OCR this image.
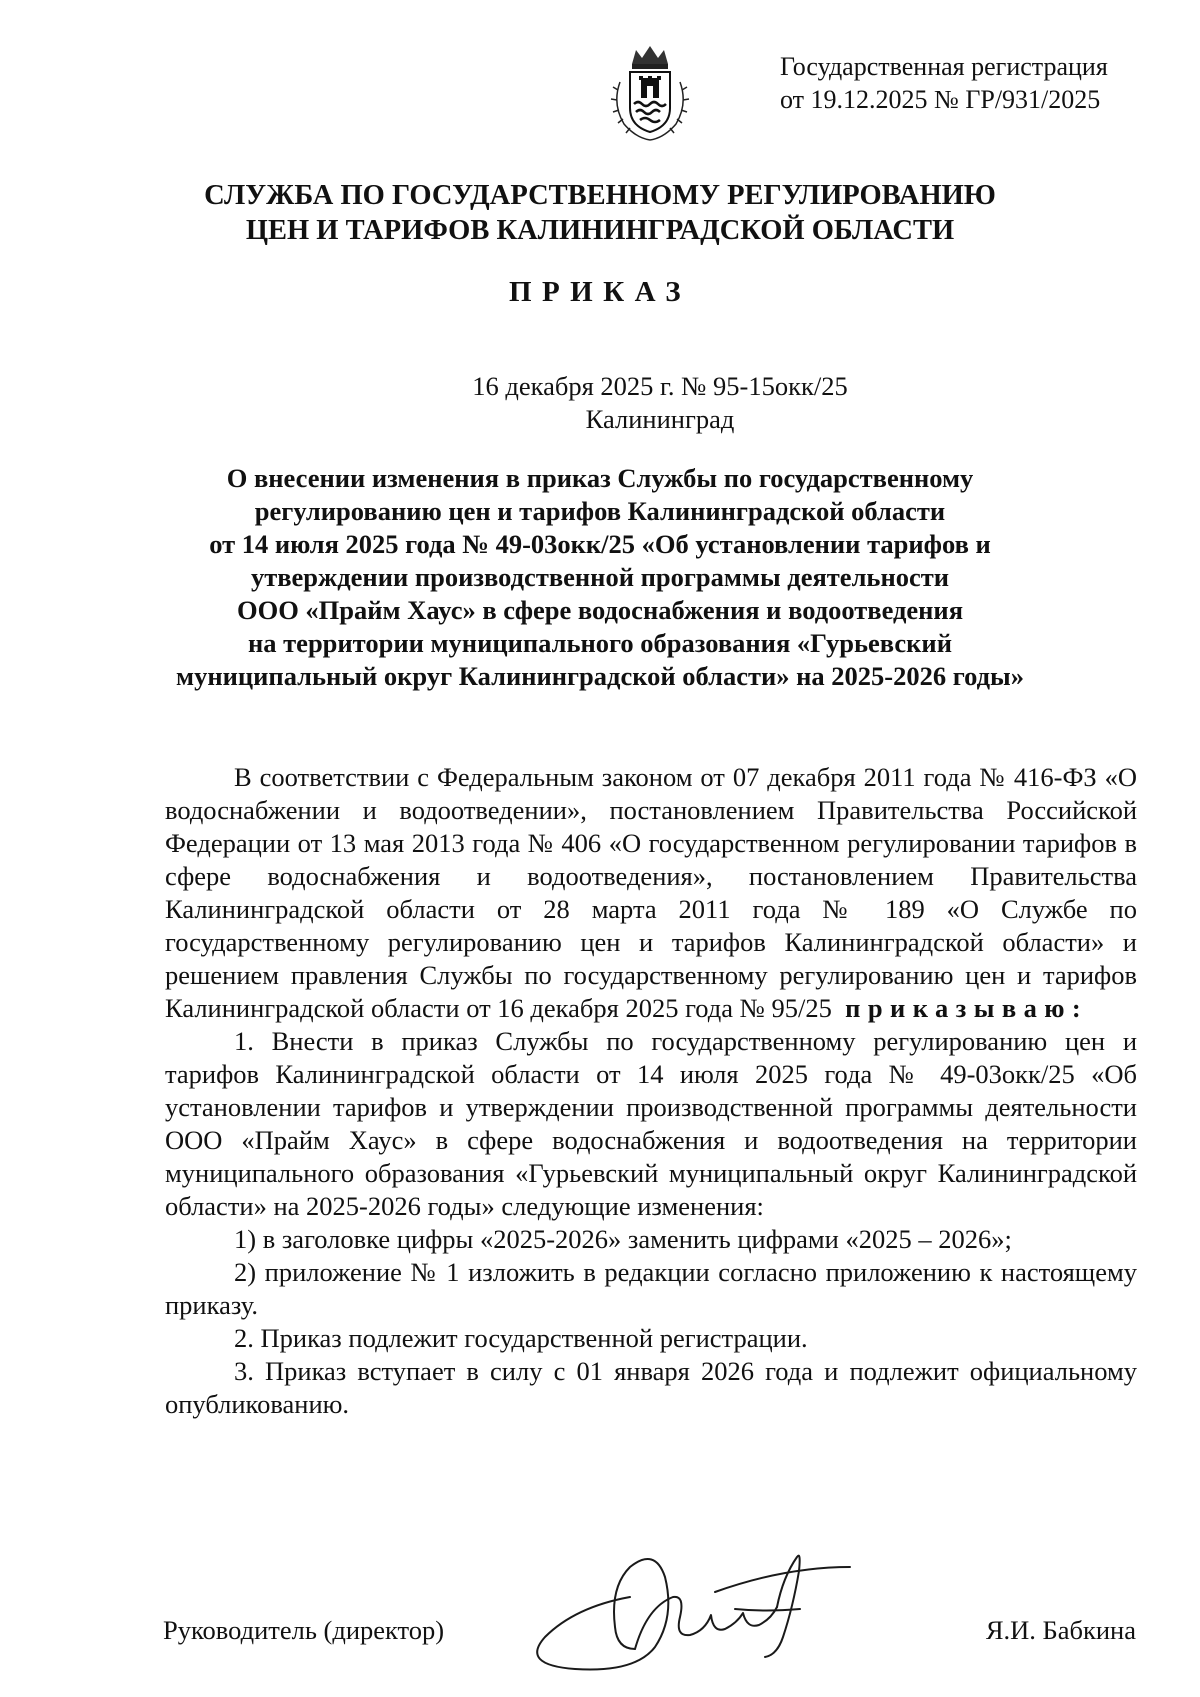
Государственная регистрация
от 19.12.2025 № ГР/931/2025
СЛУЖБА ПО ГОСУДАРСТВЕННОМУ РЕГУЛИРОВАНИЮ
ЦЕН И ТАРИФОВ КАЛИНИНГРАДСКОЙ ОБЛАСТИ
ПРИКАЗ
16 декабря 2025 г. № 95-15окк/25
Калининград
О внесении изменения в приказ Службы по государственному
регулированию цен и тарифов Калининградской области
от 14 июля 2025 года № 49-03окк/25 «Об установлении тарифов и
утверждении производственной программы деятельности
ООО «Прайм Хаус» в сфере водоснабжения и водоотведения
на территории муниципального образования «Гурьевский
муниципальный округ Калининградской области» на 2025-2026 годы»

В соответствии с Федеральным законом от 07 декабря 2011 года № 416-ФЗ «О водоснабжении и водоотведении», постановлением Правительства Российской Федерации от 13 мая 2013 года № 406 «О государственном регулировании тарифов в сфере водоснабжения и водоотведения», постановлением Правительства Калининградской области от 28 марта 2011 года № 189 «О Службе по государственному регулированию цен и тарифов Калининградской области» и решением правления Службы по государственному регулированию цен и тарифов Калининградской области от 16 декабря 2025 года № 95/25 приказываю:

1. Внести в приказ Службы по государственному регулированию цен и тарифов Калининградской области от 14 июля 2025 года № 49-03окк/25 «Об установлении тарифов и утверждении производственной программы деятельности ООО «Прайм Хаус» в сфере водоснабжения и водоотведения на территории муниципального образования «Гурьевский муниципальный округ Калининградской области» на 2025-2026 годы» следующие изменения:

1) в заголовке цифры «2025-2026» заменить цифрами «2025 – 2026»;

2) приложение № 1 изложить в редакции согласно приложению к настоящему приказу.

2. Приказ подлежит государственной регистрации.

3. Приказ вступает в силу с 01 января 2026 года и подлежит официальному опубликованию.

Руководитель (директор)	Я.И. Бабкина
